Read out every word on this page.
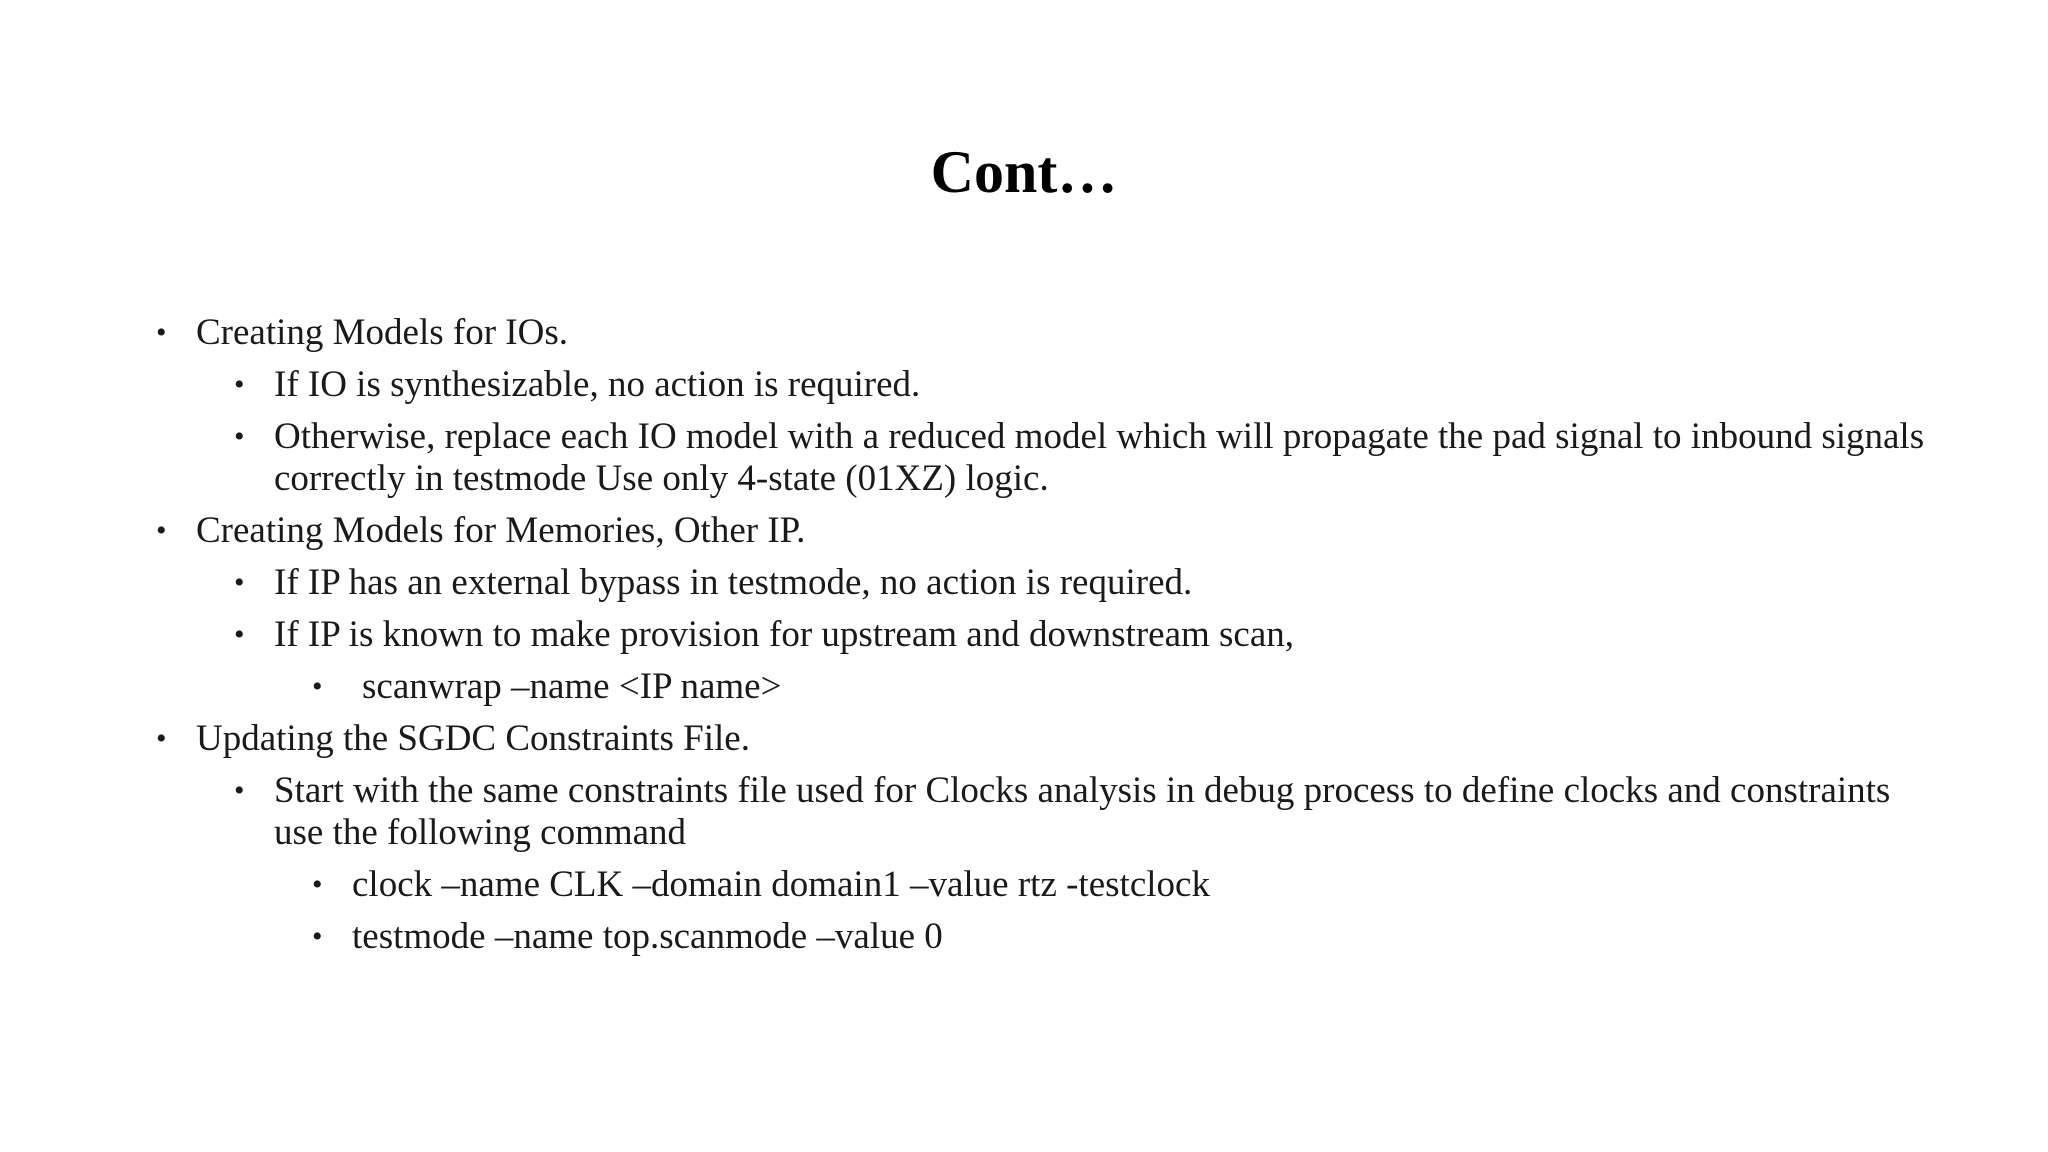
Cont…
• Creating Models for IOs.
• If IO is synthesizable, no action is required.
• Otherwise, replace each IO model with a reduced model which will propagate the pad signal to inbound signals correctly in testmode Use only 4-state (01XZ) logic.
• Creating Models for Memories, Other IP.
• If IP has an external bypass in testmode, no action is required.
• If IP is known to make provision for upstream and downstream scan,
• scanwrap –name <IP name>
• Updating the SGDC Constraints File.
• Start with the same constraints file used for Clocks analysis in debug process to define clocks and constraints use the following command
• clock –name CLK –domain domain1 –value rtz -testclock
• testmode –name top.scanmode –value 0
